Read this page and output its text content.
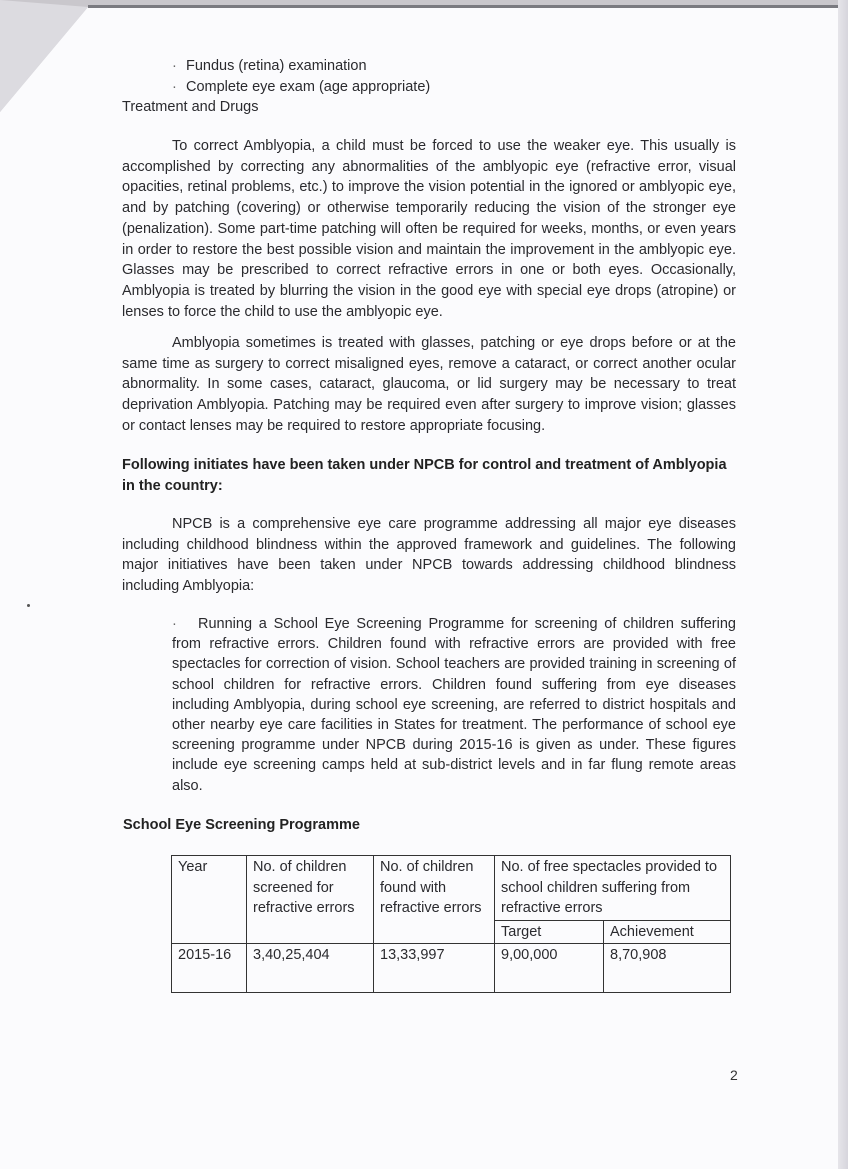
· Fundus (retina) examination
· Complete eye exam (age appropriate)
Treatment and Drugs

To correct Amblyopia, a child must be forced to use the weaker eye. This usually is accomplished by correcting any abnormalities of the amblyopic eye (refractive error, visual opacities, retinal problems, etc.) to improve the vision potential in the ignored or amblyopic eye, and by patching (covering) or otherwise temporarily reducing the vision of the stronger eye (penalization). Some part-time patching will often be required for weeks, months, or even years in order to restore the best possible vision and maintain the improvement in the amblyopic eye. Glasses may be prescribed to correct refractive errors in one or both eyes. Occasionally, Amblyopia is treated by blurring the vision in the good eye with special eye drops (atropine) or lenses to force the child to use the amblyopic eye.

Amblyopia sometimes is treated with glasses, patching or eye drops before or at the same time as surgery to correct misaligned eyes, remove a cataract, or correct another ocular abnormality. In some cases, cataract, glaucoma, or lid surgery may be necessary to treat deprivation Amblyopia. Patching may be required even after surgery to improve vision; glasses or contact lenses may be required to restore appropriate focusing.

Following initiates have been taken under NPCB for control and treatment of Amblyopia in the country:

NPCB is a comprehensive eye care programme addressing all major eye diseases including childhood blindness within the approved framework and guidelines. The following major initiatives have been taken under NPCB towards addressing childhood blindness including Amblyopia:

· Running a School Eye Screening Programme for screening of children suffering from refractive errors. Children found with refractive errors are provided with free spectacles for correction of vision. School teachers are provided training in screening of school children for refractive errors. Children found suffering from eye diseases including Amblyopia, during school eye screening, are referred to district hospitals and other nearby eye care facilities in States for treatment. The performance of school eye screening programme under NPCB during 2015-16 is given as under. These figures include eye screening camps held at sub-district levels and in far flung remote areas also.
School Eye Screening Programme
Year	No. of children screened for refractive errors	No. of children found with refractive errors	No. of free spectacles provided to school children suffering from refractive errors	
			Target	Achievement
2015-16	3,40,25,404	13,33,997	9,00,000	8,70,908
2
